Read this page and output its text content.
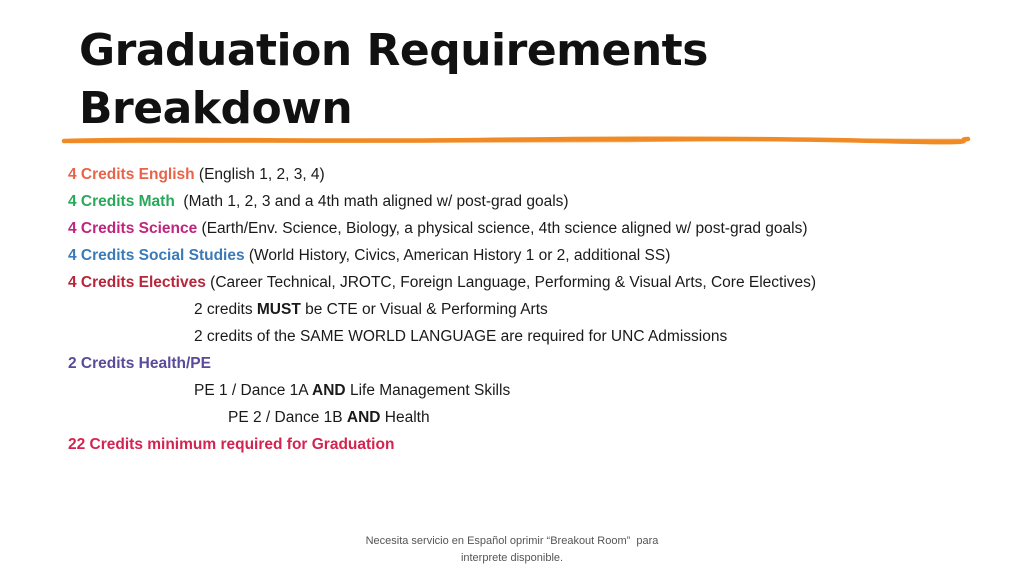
Graduation Requirements
Breakdown
4 Credits English (English 1, 2, 3, 4)
4 Credits Math  (Math 1, 2, 3 and a 4th math aligned w/ post-grad goals)
4 Credits Science (Earth/Env. Science, Biology, a physical science, 4th science aligned w/ post-grad goals)
4 Credits Social Studies (World History, Civics, American History 1 or 2, additional SS)
4 Credits Electives (Career Technical, JROTC, Foreign Language, Performing & Visual Arts, Core Electives)
2 credits MUST be CTE or Visual & Performing Arts
2 credits of the SAME WORLD LANGUAGE are required for UNC Admissions
2 Credits Health/PE
PE 1 / Dance 1A AND Life Management Skills
PE 2 / Dance 1B AND Health
22 Credits minimum required for Graduation
Necesita servicio en Español oprimir “Breakout Room”  para
interprete disponible.
